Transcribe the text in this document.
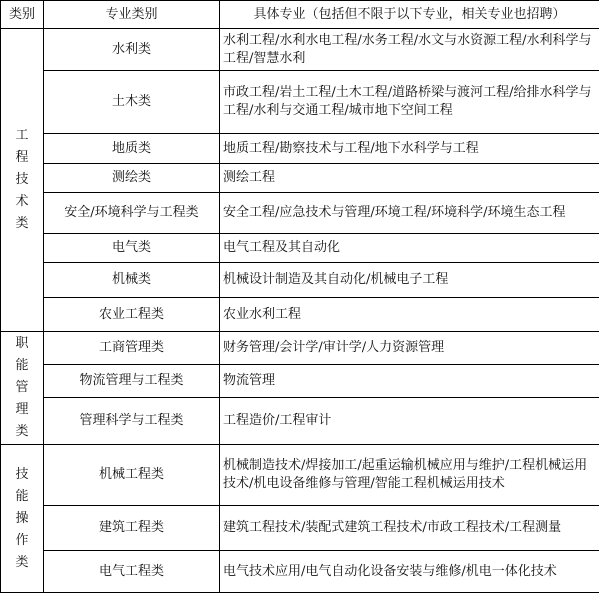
类别	专业类别	具体专业（包括但不限于以下专业，相关专业也招聘）
工程技术类	水利类	水利工程/水利水电工程/水务工程/水文与水资源工程/水利科学与工程/智慧水利
	土木类	市政工程/岩土工程/土木工程/道路桥梁与渡河工程/给排水科学与工程/水利与交通工程/城市地下空间工程
	地质类	地质工程/勘察技术与工程/地下水科学与工程
	测绘类	测绘工程
	安全/环境科学与工程类	安全工程/应急技术与管理/环境工程/环境科学/环境生态工程
	电气类	电气工程及其自动化
	机械类	机械设计制造及其自动化/机械电子工程
	农业工程类	农业水利工程
职能管理类	工商管理类	财务管理/会计学/审计学/人力资源管理
	物流管理与工程类	物流管理
	管理科学与工程类	工程造价/工程审计
技能操作类	机械工程类	机械制造技术/焊接加工/起重运输机械应用与维护/工程机械运用技术/机电设备维修与管理/智能工程机械运用技术
	建筑工程类	建筑工程技术/装配式建筑工程技术/市政工程技术/工程测量
	电气工程类	电气技术应用/电气自动化设备安装与维修/机电一体化技术
